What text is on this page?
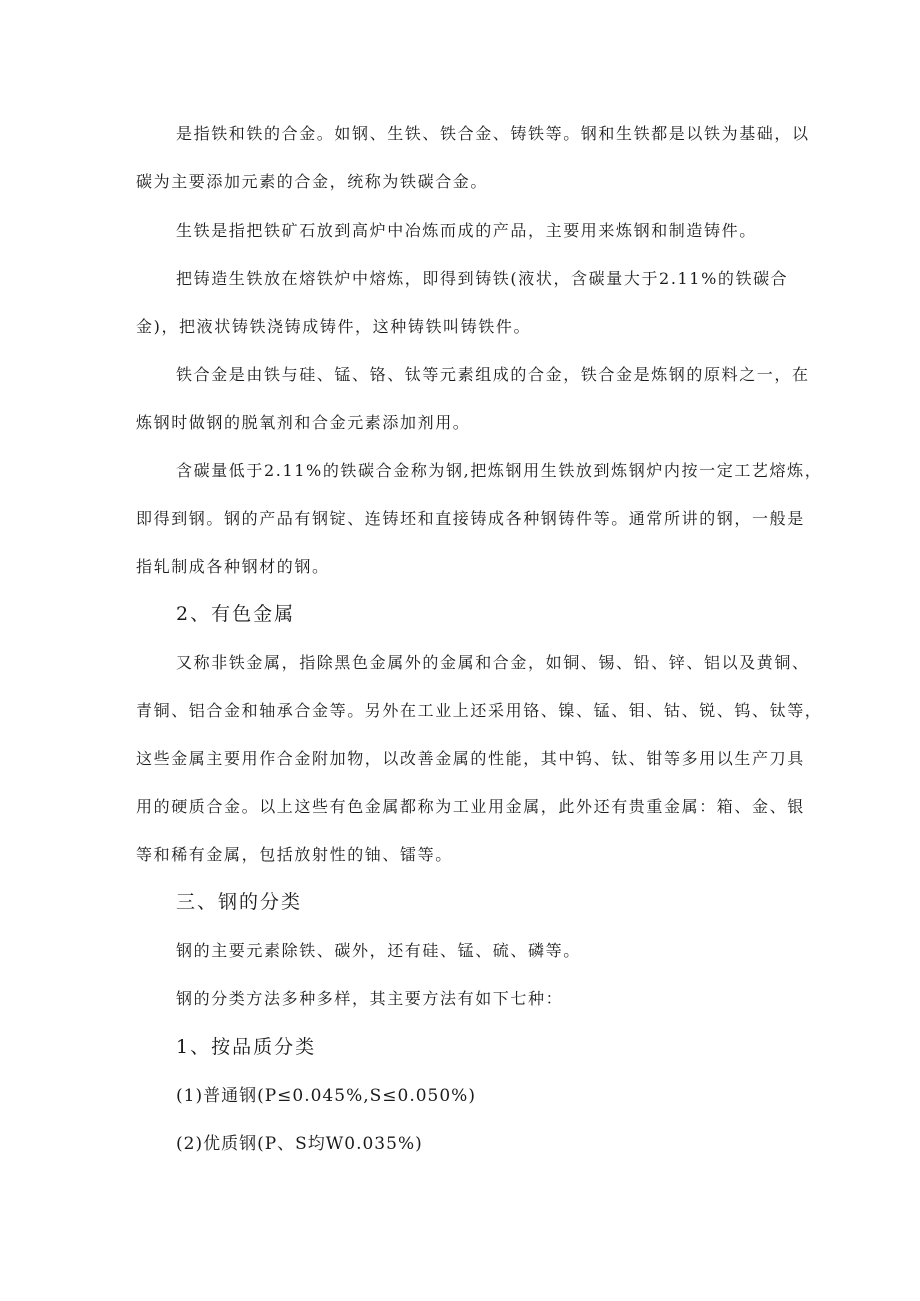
是指铁和铁的合金。如钢、生铁、铁合金、铸铁等。钢和生铁都是以铁为基础，以
碳为主要添加元素的合金，统称为铁碳合金。
生铁是指把铁矿石放到高炉中冶炼而成的产品，主要用来炼钢和制造铸件。
把铸造生铁放在熔铁炉中熔炼，即得到铸铁(液状，含碳量大于2.11%的铁碳合
金)，把液状铸铁浇铸成铸件，这种铸铁叫铸铁件。
铁合金是由铁与硅、锰、铬、钛等元素组成的合金，铁合金是炼钢的原料之一，在
炼钢时做钢的脱氧剂和合金元素添加剂用。
含碳量低于2.11%的铁碳合金称为钢,把炼钢用生铁放到炼钢炉内按一定工艺熔炼，
即得到钢。钢的产品有钢锭、连铸坯和直接铸成各种钢铸件等。通常所讲的钢，一般是
指轧制成各种钢材的钢。
2、有色金属
又称非铁金属，指除黑色金属外的金属和合金，如铜、锡、铅、锌、铝以及黄铜、
青铜、铝合金和轴承合金等。另外在工业上还采用铬、镍、锰、钼、钴、锐、钨、钛等，
这些金属主要用作合金附加物，以改善金属的性能，其中钨、钛、钳等多用以生产刀具
用的硬质合金。以上这些有色金属都称为工业用金属，此外还有贵重金属：箱、金、银
等和稀有金属，包括放射性的铀、镭等。
三、钢的分类
钢的主要元素除铁、碳外，还有硅、锰、硫、磷等。
钢的分类方法多种多样，其主要方法有如下七种：
1、按品质分类
(1)普通钢(P≤0.045%,S≤0.050%)
(2)优质钢(P、S均W0.035%)
